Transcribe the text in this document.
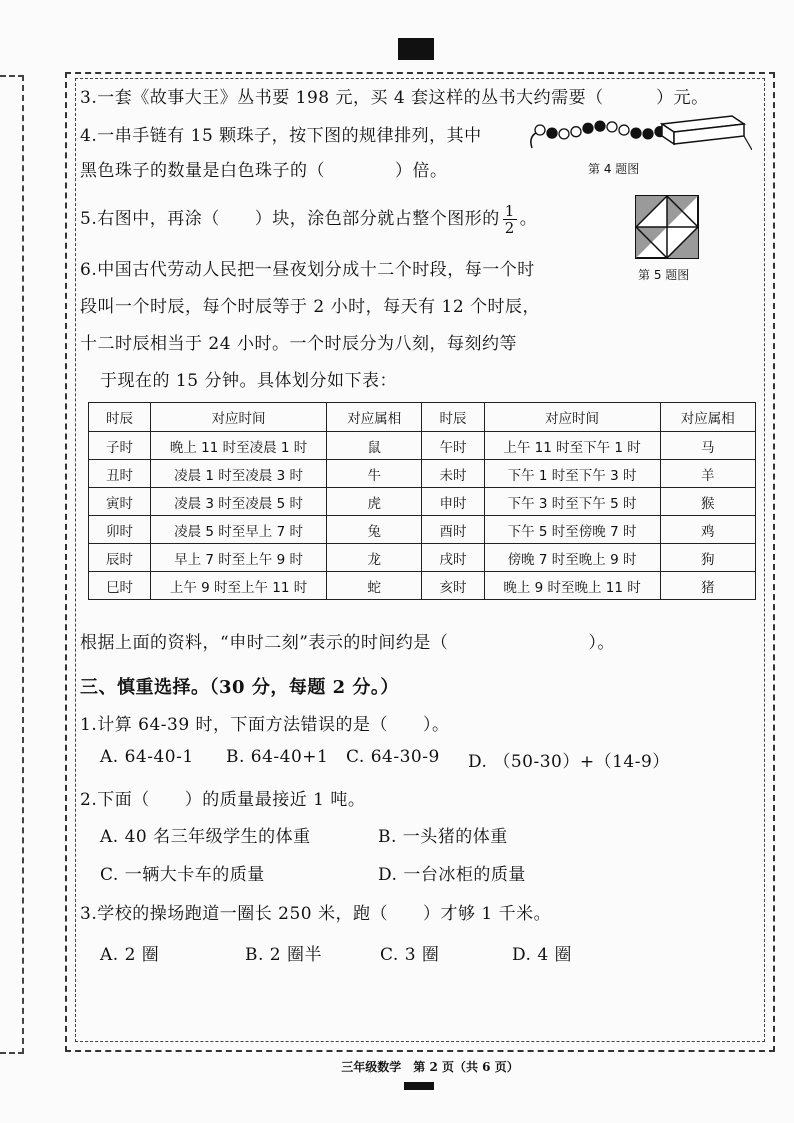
3.一套《故事大王》丛书要 198 元，买 4 套这样的丛书大约需要（　　　）元。
4.一串手链有 15 颗珠子，按下图的规律排列，其中
黑色珠子的数量是白色珠子的（　　　　）倍。	第 4 题图
5.右图中，再涂（　　）块，涂色部分就占整个图形的 $\frac{1}{2}$ 。
第 5 题图
6.中国古代劳动人民把一昼夜划分成十二个时段，每一个时
段叫一个时辰，每个时辰等于 2 小时，每天有 12 个时辰，
十二时辰相当于 24 小时。一个时辰分为八刻，每刻约等
于现在的 15 分钟。具体划分如下表：
时辰	对应时间	对应属相	时辰	对应时间	对应属相
子时	晚上 11 时至凌晨 1 时	鼠	午时	上午 11 时至下午 1 时	马
丑时	凌晨 1 时至凌晨 3 时	牛	未时	下午 1 时至下午 3 时	羊
寅时	凌晨 3 时至凌晨 5 时	虎	申时	下午 3 时至下午 5 时	猴
卯时	凌晨 5 时至早上 7 时	兔	酉时	下午 5 时至傍晚 7 时	鸡
辰时	早上 7 时至上午 9 时	龙	戌时	傍晚 7 时至晚上 9 时	狗
巳时	上午 9 时至上午 11 时	蛇	亥时	晚上 9 时至晚上 11 时	猪
根据上面的资料，“申时二刻”表示的时间约是（　　　　　　　　）。
三、慎重选择。（30 分，每题 2 分。）
1.计算 64-39 时，下面方法错误的是（　　）。
A. 64-40-1 B. 64-40+1 C. 64-30-9 D. （50-30）+（14-9）
2.下面（　　）的质量最接近 1 吨。
A. 40 名三年级学生的体重	B. 一头猪的体重
C. 一辆大卡车的质量	D. 一台冰柜的质量
3.学校的操场跑道一圈长 250 米，跑（　　）才够 1 千米。
A. 2 圈	B. 2 圈半	C. 3 圈	D. 4 圈
三年级数学　第 2 页（共 6 页）
